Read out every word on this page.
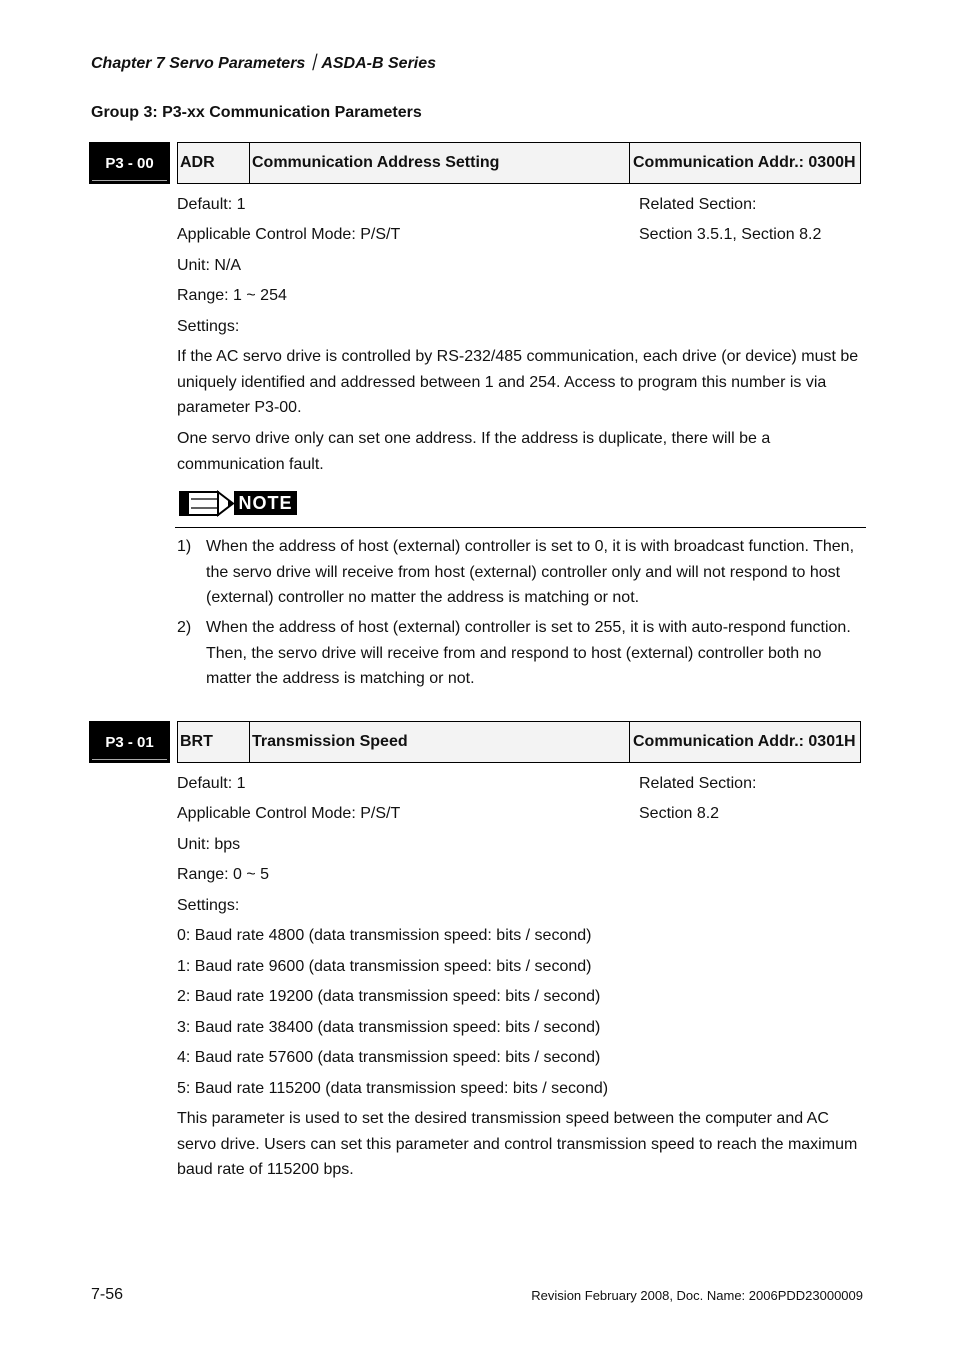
Chapter 7 Servo Parameters｜ASDA-B Series
Group 3: P3-xx Communication Parameters
P3 - 00	ADR	Communication Address Setting	Communication Addr.: 0300H
Default: 1	Related Section:
Applicable Control Mode: P/S/T	Section 3.5.1, Section 8.2
Unit: N/A
Range: 1 ~ 254
Settings:
If the AC servo drive is controlled by RS-232/485 communication, each drive (or device) must be uniquely identified and addressed between 1 and 254. Access to program this number is via parameter P3-00.
One servo drive only can set one address. If the address is duplicate, there will be a communication fault.
NOTE
1) When the address of host (external) controller is set to 0, it is with broadcast function. Then, the servo drive will receive from host (external) controller only and will not respond to host (external) controller no matter the address is matching or not.
2) When the address of host (external) controller is set to 255, it is with auto-respond function. Then, the servo drive will receive from and respond to host (external) controller both no matter the address is matching or not.
P3 - 01	BRT	Transmission Speed	Communication Addr.: 0301H
Default: 1	Related Section:
Applicable Control Mode: P/S/T	Section 8.2
Unit: bps
Range: 0 ~ 5
Settings:
0: Baud rate 4800 (data transmission speed: bits / second)
1: Baud rate 9600 (data transmission speed: bits / second)
2: Baud rate 19200 (data transmission speed: bits / second)
3: Baud rate 38400 (data transmission speed: bits / second)
4: Baud rate 57600 (data transmission speed: bits / second)
5: Baud rate 115200 (data transmission speed: bits / second)
This parameter is used to set the desired transmission speed between the computer and AC servo drive. Users can set this parameter and control transmission speed to reach the maximum baud rate of 115200 bps.
7-56	Revision February 2008, Doc. Name: 2006PDD23000009
